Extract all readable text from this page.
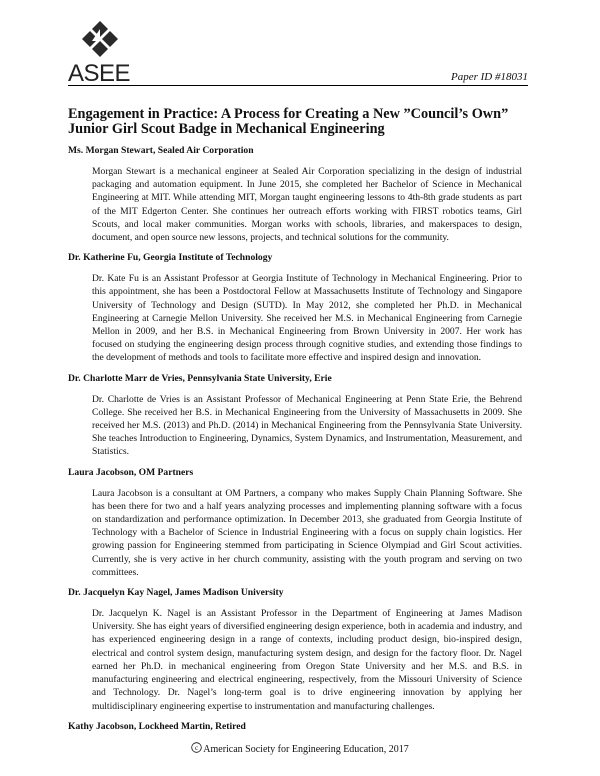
ASEE	Paper ID #18031
Engagement in Practice: A Process for Creating a New ”Council’s Own” Junior Girl Scout Badge in Mechanical Engineering

Ms. Morgan Stewart, Sealed Air Corporation

Morgan Stewart is a mechanical engineer at Sealed Air Corporation specializing in the design of industrial packaging and automation equipment. In June 2015, she completed her Bachelor of Science in Mechanical Engineering at MIT. While attending MIT, Morgan taught engineering lessons to 4th-8th grade students as part of the MIT Edgerton Center. She continues her outreach efforts working with FIRST robotics teams, Girl Scouts, and local maker communities. Morgan works with schools, libraries, and makerspaces to design, document, and open source new lessons, projects, and technical solutions for the community.

Dr. Katherine Fu, Georgia Institute of Technology

Dr. Kate Fu is an Assistant Professor at Georgia Institute of Technology in Mechanical Engineering. Prior to this appointment, she has been a Postdoctoral Fellow at Massachusetts Institute of Technology and Singapore University of Technology and Design (SUTD). In May 2012, she completed her Ph.D. in Mechanical Engineering at Carnegie Mellon University. She received her M.S. in Mechanical Engineering from Carnegie Mellon in 2009, and her B.S. in Mechanical Engineering from Brown University in 2007. Her work has focused on studying the engineering design process through cognitive studies, and extending those findings to the development of methods and tools to facilitate more effective and inspired design and innovation.

Dr. Charlotte Marr de Vries, Pennsylvania State University, Erie

Dr. Charlotte de Vries is an Assistant Professor of Mechanical Engineering at Penn State Erie, the Behrend College. She received her B.S. in Mechanical Engineering from the University of Massachusetts in 2009. She received her M.S. (2013) and Ph.D. (2014) in Mechanical Engineering from the Pennsylvania State University. She teaches Introduction to Engineering, Dynamics, System Dynamics, and Instrumentation, Measurement, and Statistics.

Laura Jacobson, OM Partners

Laura Jacobson is a consultant at OM Partners, a company who makes Supply Chain Planning Software. She has been there for two and a half years analyzing processes and implementing planning software with a focus on standardization and performance optimization. In December 2013, she graduated from Georgia Institute of Technology with a Bachelor of Science in Industrial Engineering with a focus on supply chain logistics. Her growing passion for Engineering stemmed from participating in Science Olympiad and Girl Scout activities. Currently, she is very active in her church community, assisting with the youth program and serving on two committees.

Dr. Jacquelyn Kay Nagel, James Madison University

Dr. Jacquelyn K. Nagel is an Assistant Professor in the Department of Engineering at James Madison University. She has eight years of diversified engineering design experience, both in academia and industry, and has experienced engineering design in a range of contexts, including product design, bio-inspired design, electrical and control system design, manufacturing system design, and design for the factory floor. Dr. Nagel earned her Ph.D. in mechanical engineering from Oregon State University and her M.S. and B.S. in manufacturing engineering and electrical engineering, respectively, from the Missouri University of Science and Technology. Dr. Nagel’s long-term goal is to drive engineering innovation by applying her multidisciplinary engineering expertise to instrumentation and manufacturing challenges.

Kathy Jacobson, Lockheed Martin, Retired

c American Society for Engineering Education, 2017
